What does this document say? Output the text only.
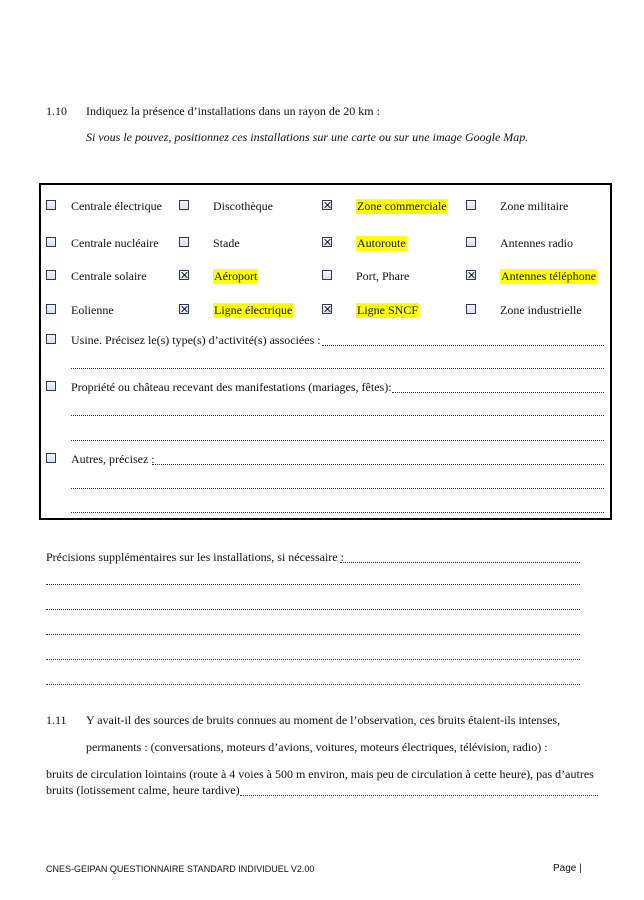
1.10 Indiquez la présence d’installations dans un rayon de 20 km :
Si vous le pouvez, positionnez ces installations sur une carte ou sur une image Google Map.
Centrale électrique	Discothèque	Zone commerciale	Zone militaire
Centrale nucléaire	Stade	Autoroute	Antennes radio
Centrale solaire	Aéroport	Port, Phare	Antennes téléphone
Eolienne	Ligne électrique	Ligne SNCF	Zone industrielle
Usine. Précisez le(s) type(s) d’activité(s) associées :
Propriété ou château recevant des manifestations (mariages, fêtes):
Autres, précisez :
Précisions supplémentaires sur les installations, si nécessaire :
1.11 Y avait-il des sources de bruits connues au moment de l’observation, ces bruits étaient-ils intenses,
permanents : (conversations, moteurs d’avions, voitures, moteurs électriques, télévision, radio) :
bruits de circulation lointains (route à 4 voies à 500 m environ, mais peu de circulation à cette heure), pas d’autres
bruits (lotissement calme, heure tardive)
CNES-GEIPAN QUESTIONNAIRE STANDARD INDIVIDUEL V2.00	Page |
